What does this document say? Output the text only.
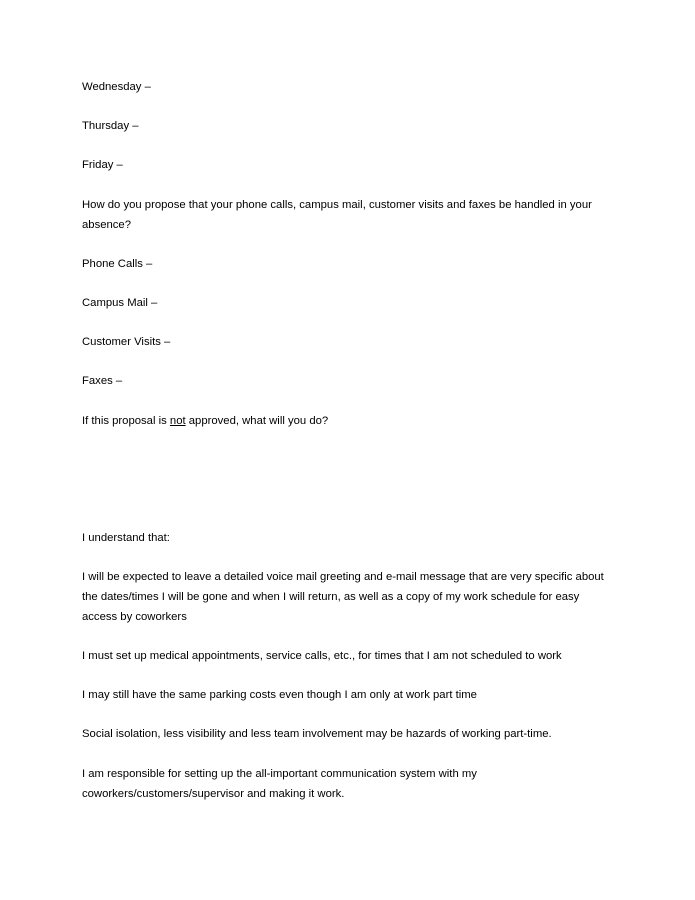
Wednesday –

Thursday –

Friday –

How do you propose that your phone calls, campus mail, customer visits and faxes be handled in your absence?

Phone Calls –

Campus Mail –

Customer Visits –

Faxes –

If this proposal is not approved, what will you do?

I understand that:

I will be expected to leave a detailed voice mail greeting and e-mail message that are very specific about the dates/times I will be gone and when I will return, as well as a copy of my work schedule for easy access by coworkers

I must set up medical appointments, service calls, etc., for times that I am not scheduled to work

I may still have the same parking costs even though I am only at work part time

Social isolation, less visibility and less team involvement may be hazards of working part-time.

I am responsible for setting up the all-important communication system with my coworkers/customers/supervisor and making it work.
